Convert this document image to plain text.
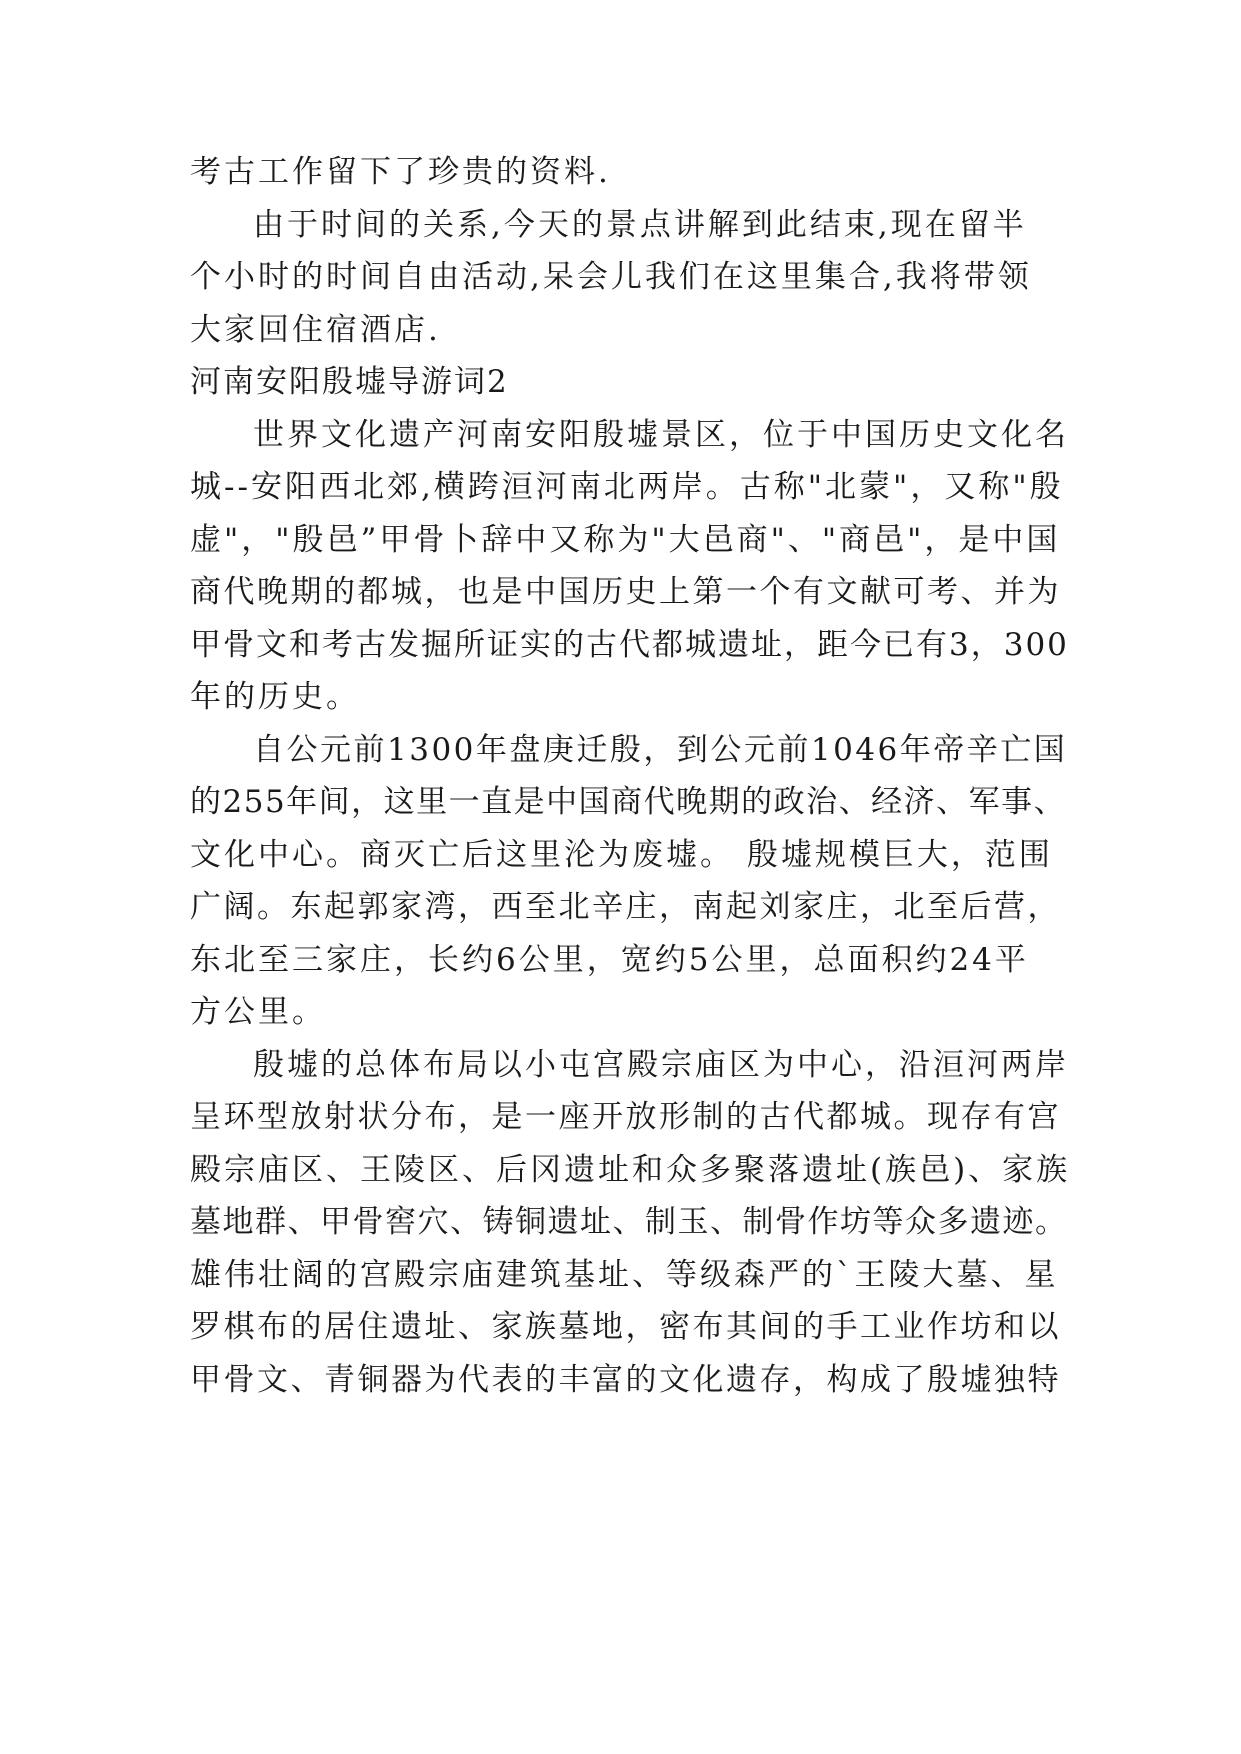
考古工作留下了珍贵的资料.
由于时间的关系,今天的景点讲解到此结束,现在留半
个小时的时间自由活动,呆会儿我们在这里集合,我将带领
大家回住宿酒店.
河南安阳殷墟导游词2
世界文化遗产河南安阳殷墟景区，位于中国历史文化名
城--安阳西北郊,横跨洹河南北两岸。古称"北蒙"，又称"殷
虚"，"殷邑”甲骨卜辞中又称为"大邑商"、"商邑"，是中国
商代晚期的都城，也是中国历史上第一个有文献可考、并为
甲骨文和考古发掘所证实的古代都城遗址，距今已有3，300
年的历史。
自公元前1300年盘庚迁殷，到公元前1046年帝辛亡国
的255年间，这里一直是中国商代晚期的政治、经济、军事、
文化中心。商灭亡后这里沦为废墟。 殷墟规模巨大，范围
广阔。东起郭家湾，西至北辛庄，南起刘家庄，北至后营，
东北至三家庄，长约6公里，宽约5公里，总面积约24平
方公里。
殷墟的总体布局以小屯宫殿宗庙区为中心，沿洹河两岸
呈环型放射状分布，是一座开放形制的古代都城。现存有宫
殿宗庙区、王陵区、后冈遗址和众多聚落遗址(族邑)、家族
墓地群、甲骨窖穴、铸铜遗址、制玉、制骨作坊等众多遗迹。
雄伟壮阔的宫殿宗庙建筑基址、等级森严的`王陵大墓、星
罗棋布的居住遗址、家族墓地，密布其间的手工业作坊和以
甲骨文、青铜器为代表的丰富的文化遗存，构成了殷墟独特
